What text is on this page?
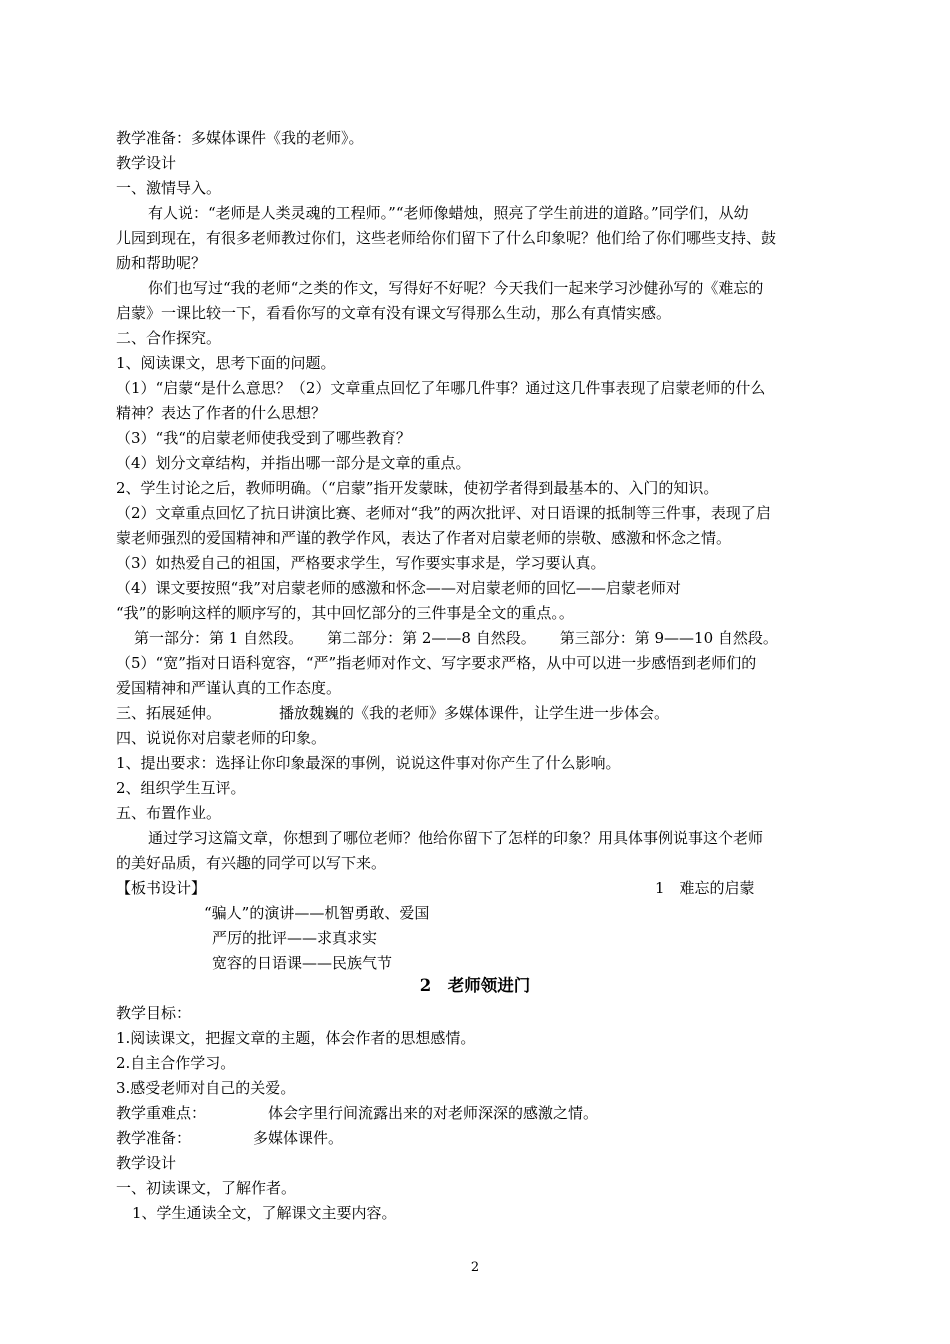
教学准备：多媒体课件《我的老师》。
教学设计
一、激情导入。
有人说：“老师是人类灵魂的工程师。”“老师像蜡烛，照亮了学生前进的道路。”同学们，从幼
儿园到现在，有很多老师教过你们，这些老师给你们留下了什么印象呢？他们给了你们哪些支持、鼓
励和帮助呢？
你们也写过“我的老师“之类的作文，写得好不好呢？今天我们一起来学习沙健孙写的《难忘的
启蒙》一课比较一下，看看你写的文章有没有课文写得那么生动，那么有真情实感。
二、合作探究。
1、阅读课文，思考下面的问题。
（1）“启蒙“是什么意思？（2）文章重点回忆了年哪几件事？通过这几件事表现了启蒙老师的什么
精神？表达了作者的什么思想？
（3）“我“的启蒙老师使我受到了哪些教育？
（4）划分文章结构，并指出哪一部分是文章的重点。
2、学生讨论之后，教师明确。（“启蒙”指开发蒙昧，使初学者得到最基本的、入门的知识。
（2）文章重点回忆了抗日讲演比赛、老师对“我”的两次批评、对日语课的抵制等三件事，表现了启
蒙老师强烈的爱国精神和严谨的教学作风，表达了作者对启蒙老师的崇敬、感激和怀念之情。
（3）如热爱自己的祖国，严格要求学生，写作要实事求是，学习要认真。
（4）课文要按照“我”对启蒙老师的感激和怀念——对启蒙老师的回忆——启蒙老师对
“我”的影响这样的顺序写的，其中回忆部分的三件事是全文的重点。。
第一部分：第 1 自然段。 第二部分：第 2——8 自然段。 第三部分：第 9——10 自然段。
（5）“宽”指对日语科宽容，“严”指老师对作文、写字要求严格，从中可以进一步感悟到老师们的
爱国精神和严谨认真的工作态度。
三、拓展延伸。	播放魏巍的《我的老师》多媒体课件，让学生进一步体会。
四、说说你对启蒙老师的印象。
1、提出要求：选择让你印象最深的事例，说说这件事对你产生了什么影响。
2、组织学生互评。
五、布置作业。
通过学习这篇文章，你想到了哪位老师？他给你留下了怎样的印象？用具体事例说事这个老师
的美好品质，有兴趣的同学可以写下来。
【板书设计】	1　难忘的启蒙
“骗人”的演讲——机智勇敢、爱国
严厉的批评——求真求实
宽容的日语课——民族气节
2　老师领进门
教学目标：
1.阅读课文，把握文章的主题，体会作者的思想感情。
2.自主合作学习。
3.感受老师对自己的关爱。
教学重难点：	体会字里行间流露出来的对老师深深的感激之情。
教学准备：	多媒体课件。
教学设计
一、初读课文，了解作者。
1、学生通读全文，了解课文主要内容。
2
